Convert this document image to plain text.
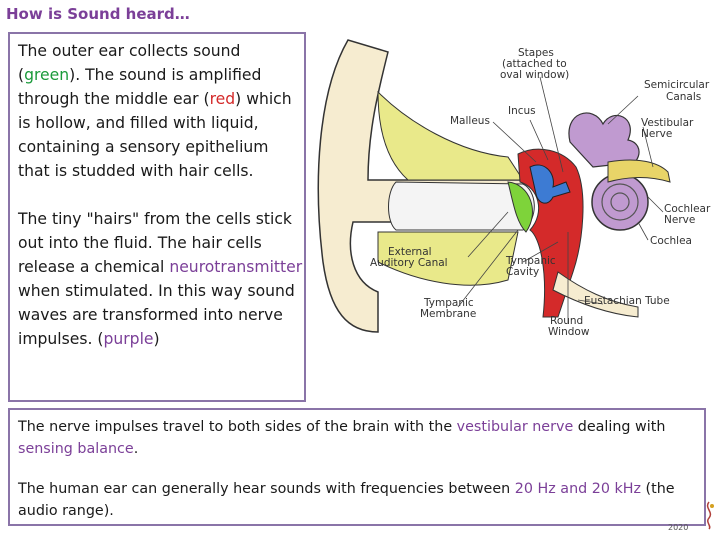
How is Sound heard…

The outer ear collects sound (green). The sound is amplified through the middle ear (red) which is hollow, and filled with liquid, containing a sensory epithelium that is studded with hair cells.

The tiny "hairs" from the cells stick out into the fluid. The hair cells release a chemical neurotransmitter when stimulated. In this way sound waves are transformed into nerve impulses. (purple)

Stapes
(attached to
oval window)
Semicircular
Canals
Incus
Malleus	Vestibular
Nerve
Cochlear
Nerve
Cochlea
External
Auditory Canal	Tympanic
Cavity
Eustachian Tube
Tympanic
Membrane
Round
Window

The nerve impulses travel to both sides of the brain with the vestibular nerve dealing with sensing balance.

The human ear can generally hear sounds with frequencies between 20 Hz and 20 kHz (the audio range).

2020
